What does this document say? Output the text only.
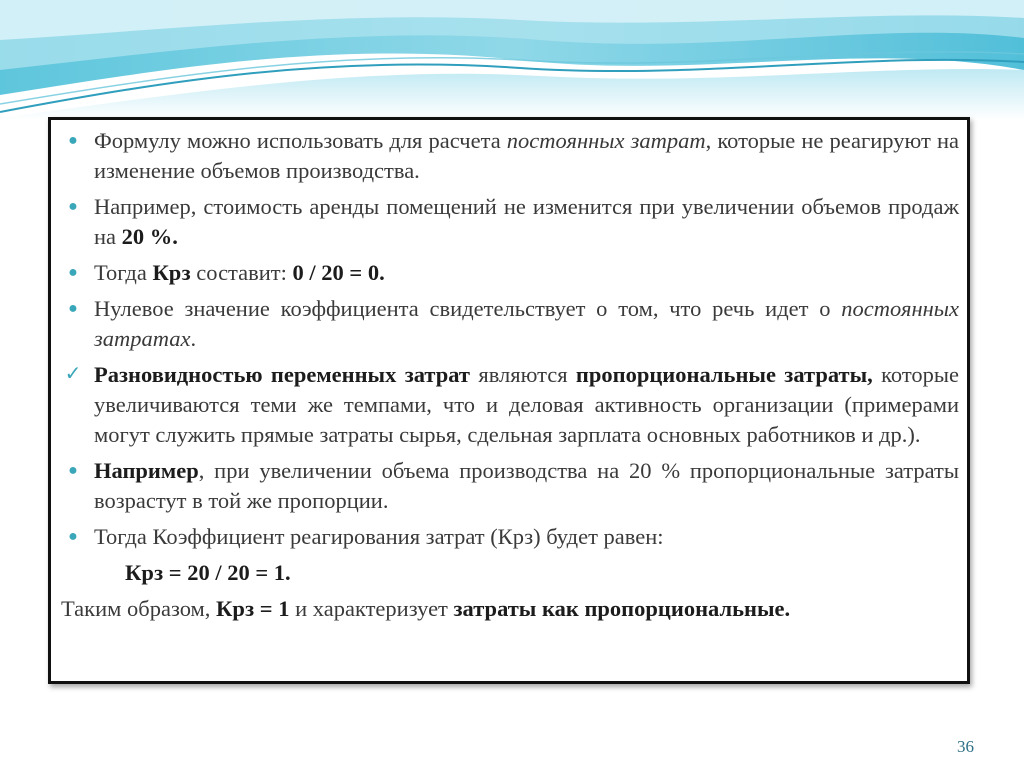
● Формулу можно использовать для расчета постоянных затрат, которые не реагируют на изменение объемов производства.

● Например, стоимость аренды помещений не изменится при увеличении объемов продаж на 20 %.

● Тогда Крз составит: 0 / 20 = 0.

● Нулевое значение коэффициента свидетельствует о том, что речь идет о постоянных затратах.

✓ Разновидностью переменных затрат являются пропорциональные затраты, которые увеличиваются теми же темпами, что и деловая активность организации (примерами могут служить прямые затраты сырья, сдельная зарплата основных работников и др.).

● Например, при увеличении объема производства на 20 % пропорциональные затраты возрастут в той же пропорции.

● Тогда Коэффициент реагирования затрат (Крз) будет равен:

Крз = 20 / 20 = 1.

Таким образом, Крз = 1 и характеризует затраты как пропорциональные.

36
